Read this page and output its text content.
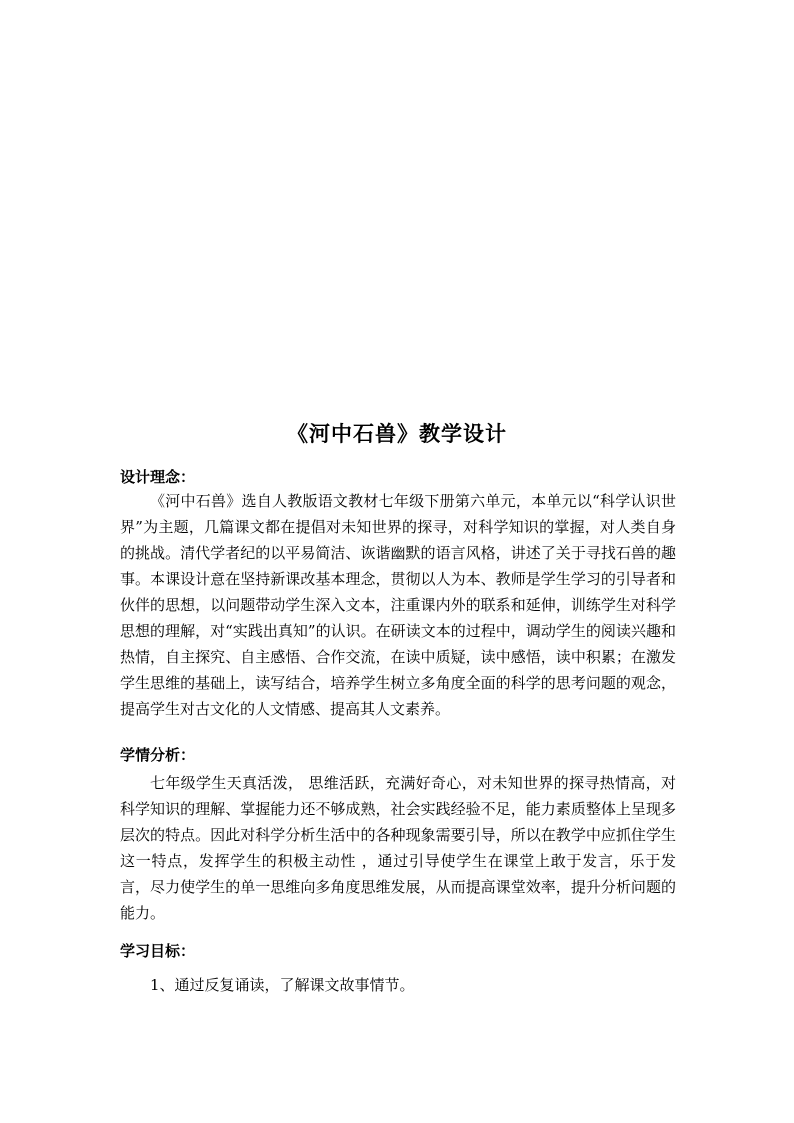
《河中石兽》教学设计
设计理念：

《河中石兽》选自人教版语文教材七年级下册第六单元，本单元以“科学认识世界”为主题，几篇课文都在提倡对未知世界的探寻，对科学知识的掌握，对人类自身的挑战。清代学者纪的以平易简洁、诙谐幽默的语言风格，讲述了关于寻找石兽的趣事。本课设计意在坚持新课改基本理念，贯彻以人为本、教师是学生学习的引导者和伙伴的思想，以问题带动学生深入文本，注重课内外的联系和延伸，训练学生对科学思想的理解，对“实践出真知”的认识。在研读文本的过程中，调动学生的阅读兴趣和热情，自主探究、自主感悟、合作交流，在读中质疑，读中感悟，读中积累；在激发学生思维的基础上，读写结合，培养学生树立多角度全面的科学的思考问题的观念，提高学生对古文化的人文情感、提高其人文素养。

学情分析：

七年级学生天真活泼， 思维活跃，充满好奇心，对未知世界的探寻热情高，对科学知识的理解、掌握能力还不够成熟，社会实践经验不足，能力素质整体上呈现多层次的特点。因此对科学分析生活中的各种现象需要引导，所以在教学中应抓住学生这一特点，发挥学生的积极主动性 ，通过引导使学生在课堂上敢于发言，乐于发言，尽力使学生的单一思维向多角度思维发展，从而提高课堂效率，提升分析问题的能力。

学习目标：

1、通过反复诵读，了解课文故事情节。
